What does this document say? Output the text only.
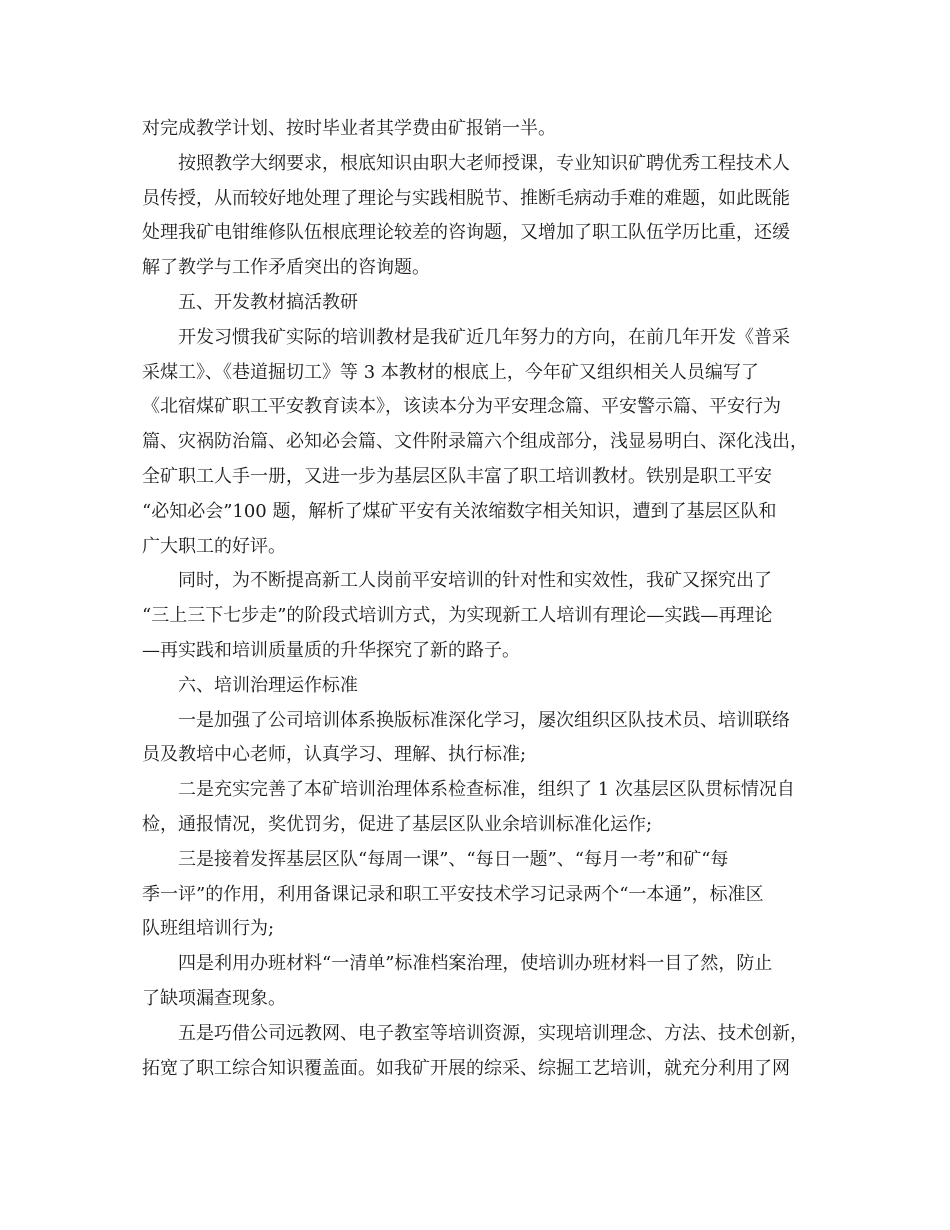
对完成教学计划、按时毕业者其学费由矿报销一半。
按照教学大纲要求，根底知识由职大老师授课，专业知识矿聘优秀工程技术人
员传授，从而较好地处理了理论与实践相脱节、推断毛病动手难的难题，如此既能
处理我矿电钳维修队伍根底理论较差的咨询题，又增加了职工队伍学历比重，还缓
解了教学与工作矛盾突出的咨询题。
五、开发教材搞活教研
开发习惯我矿实际的培训教材是我矿近几年努力的方向，在前几年开发《普采
采煤工》、《巷道掘切工》等 3 本教材的根底上，今年矿又组织相关人员编写了
《北宿煤矿职工平安教育读本》，该读本分为平安理念篇、平安警示篇、平安行为
篇、灾祸防治篇、必知必会篇、文件附录篇六个组成部分，浅显易明白、深化浅出，
全矿职工人手一册，又进一步为基层区队丰富了职工培训教材。铁别是职工平安
“必知必会”100 题，解析了煤矿平安有关浓缩数字相关知识，遭到了基层区队和
广大职工的好评。
同时，为不断提高新工人岗前平安培训的针对性和实效性，我矿又探究出了
“三上三下七步走”的阶段式培训方式，为实现新工人培训有理论—实践—再理论
—再实践和培训质量质的升华探究了新的路子。
六、培训治理运作标准
一是加强了公司培训体系换版标准深化学习，屡次组织区队技术员、培训联络
员及教培中心老师，认真学习、理解、执行标准;
二是充实完善了本矿培训治理体系检查标准，组织了 1 次基层区队贯标情况自
检，通报情况，奖优罚劣，促进了基层区队业余培训标准化运作;
三是接着发挥基层区队“每周一课”、“每日一题”、“每月一考”和矿“每
季一评”的作用，利用备课记录和职工平安技术学习记录两个“一本通”，标准区
队班组培训行为;
四是利用办班材料“一清单”标准档案治理，使培训办班材料一目了然，防止
了缺项漏查现象。
五是巧借公司远教网、电子教室等培训资源，实现培训理念、方法、技术创新，
拓宽了职工综合知识覆盖面。如我矿开展的综采、综掘工艺培训，就充分利用了网
